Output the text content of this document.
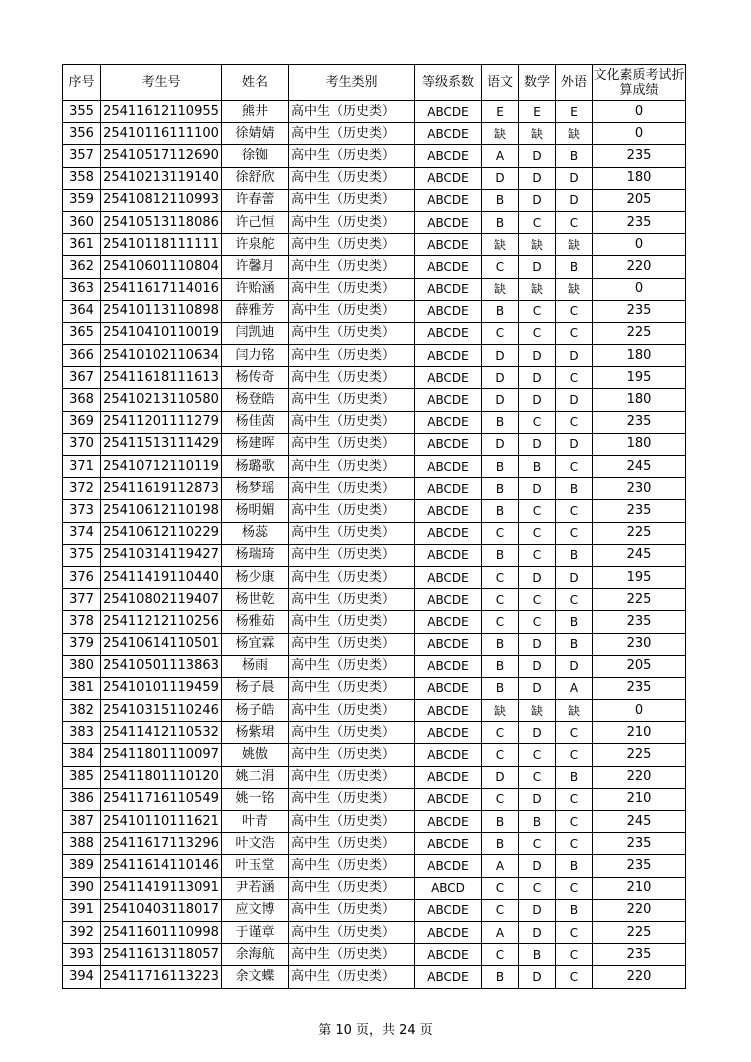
序号	考生号	姓名	考生类别	等级系数	语文	数学	外语	文化素质考试折算成绩
355	25411612110955	熊井	高中生（历史类）	ABCDE	E	E	E	0
356	25410116111100	徐婧婧	高中生（历史类）	ABCDE	缺	缺	缺	0
357	25410517112690	徐铷	高中生（历史类）	ABCDE	A	D	B	235
358	25410213119140	徐舒欣	高中生（历史类）	ABCDE	D	D	D	180
359	25410812110993	许春蕾	高中生（历史类）	ABCDE	B	D	D	205
360	25410513118086	许己恒	高中生（历史类）	ABCDE	B	C	C	235
361	25410118111111	许泉舵	高中生（历史类）	ABCDE	缺	缺	缺	0
362	25410601110804	许馨月	高中生（历史类）	ABCDE	C	D	B	220
363	25411617114016	许贻涵	高中生（历史类）	ABCDE	缺	缺	缺	0
364	25410113110898	薛雅芳	高中生（历史类）	ABCDE	B	C	C	235
365	25410410110019	闫凯迪	高中生（历史类）	ABCDE	C	C	C	225
366	25410102110634	闫力铭	高中生（历史类）	ABCDE	D	D	D	180
367	25411618111613	杨传奇	高中生（历史类）	ABCDE	D	D	C	195
368	25410213110580	杨登皓	高中生（历史类）	ABCDE	D	D	D	180
369	25411201111279	杨佳茵	高中生（历史类）	ABCDE	B	C	C	235
370	25411513111429	杨建晖	高中生（历史类）	ABCDE	D	D	D	180
371	25410712110119	杨璐歌	高中生（历史类）	ABCDE	B	B	C	245
372	25411619112873	杨梦瑶	高中生（历史类）	ABCDE	B	D	B	230
373	25410612110198	杨明媚	高中生（历史类）	ABCDE	B	C	C	235
374	25410612110229	杨蕊	高中生（历史类）	ABCDE	C	C	C	225
375	25410314119427	杨瑞琦	高中生（历史类）	ABCDE	B	C	B	245
376	25411419110440	杨少康	高中生（历史类）	ABCDE	C	D	D	195
377	25410802119407	杨世乾	高中生（历史类）	ABCDE	C	C	C	225
378	25411212110256	杨雅茹	高中生（历史类）	ABCDE	C	C	B	235
379	25410614110501	杨宜霖	高中生（历史类）	ABCDE	B	D	B	230
380	25410501113863	杨雨	高中生（历史类）	ABCDE	B	D	D	205
381	25410101119459	杨子晨	高中生（历史类）	ABCDE	B	D	A	235
382	25410315110246	杨子皓	高中生（历史类）	ABCDE	缺	缺	缺	0
383	25411412110532	杨紫珺	高中生（历史类）	ABCDE	C	D	C	210
384	25411801110097	姚傲	高中生（历史类）	ABCDE	C	C	C	225
385	25411801110120	姚二涓	高中生（历史类）	ABCDE	D	C	B	220
386	25411716110549	姚一铭	高中生（历史类）	ABCDE	C	D	C	210
387	25410110111621	叶青	高中生（历史类）	ABCDE	B	B	C	245
388	25411617113296	叶文浩	高中生（历史类）	ABCDE	B	C	C	235
389	25411614110146	叶玉堂	高中生（历史类）	ABCDE	A	D	B	235
390	25411419113091	尹若涵	高中生（历史类）	ABCD	C	C	C	210
391	25410403118017	应文博	高中生（历史类）	ABCDE	C	D	B	220
392	25411601110998	于谨章	高中生（历史类）	ABCDE	A	D	C	225
393	25411613118057	余海航	高中生（历史类）	ABCDE	C	B	C	235
394	25411716113223	余文蝶	高中生（历史类）	ABCDE	B	D	C	220
第 10 页，共 24 页
